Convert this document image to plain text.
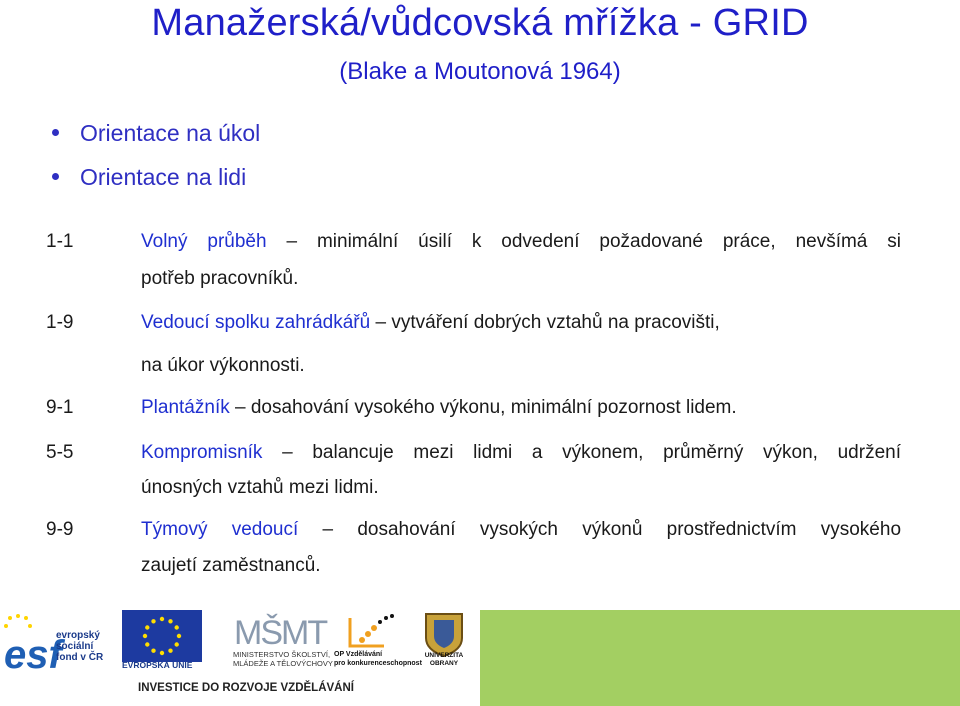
Manažerská/vůdcovská mřížka - GRID
(Blake a Moutonová 1964)
Orientace na úkol
Orientace na lidi
1-1	Volný průběh – minimální úsilí k odvedení požadované práce, nevšímá si
potřeb pracovníků.
1-9	Vedoucí spolku zahrádkářů – vytváření dobrých vztahů na pracovišti,
na úkor výkonnosti.
9-1	Plantážník – dosahování vysokého výkonu, minimální pozornost lidem.
5-5	Kompromisník – balancuje mezi lidmi a výkonem, průměrný výkon, udržení
únosných vztahů mezi lidmi.
9-9	Týmový vedoucí – dosahování vysokých výkonů prostřednictvím vysokého
zaujetí zaměstnanců.
esf
evropský
sociální
fond v ČR
EVROPSKÁ UNIE
MŠMT
MINISTERSTVO ŠKOLSTVÍ,
MLÁDEŽE A TĚLOVÝCHOVY
OP Vzdělávání
pro konkurenceschopnost
UNIVERZITA
OBRANY
INVESTICE DO ROZVOJE VZDĚLÁVÁNÍ
